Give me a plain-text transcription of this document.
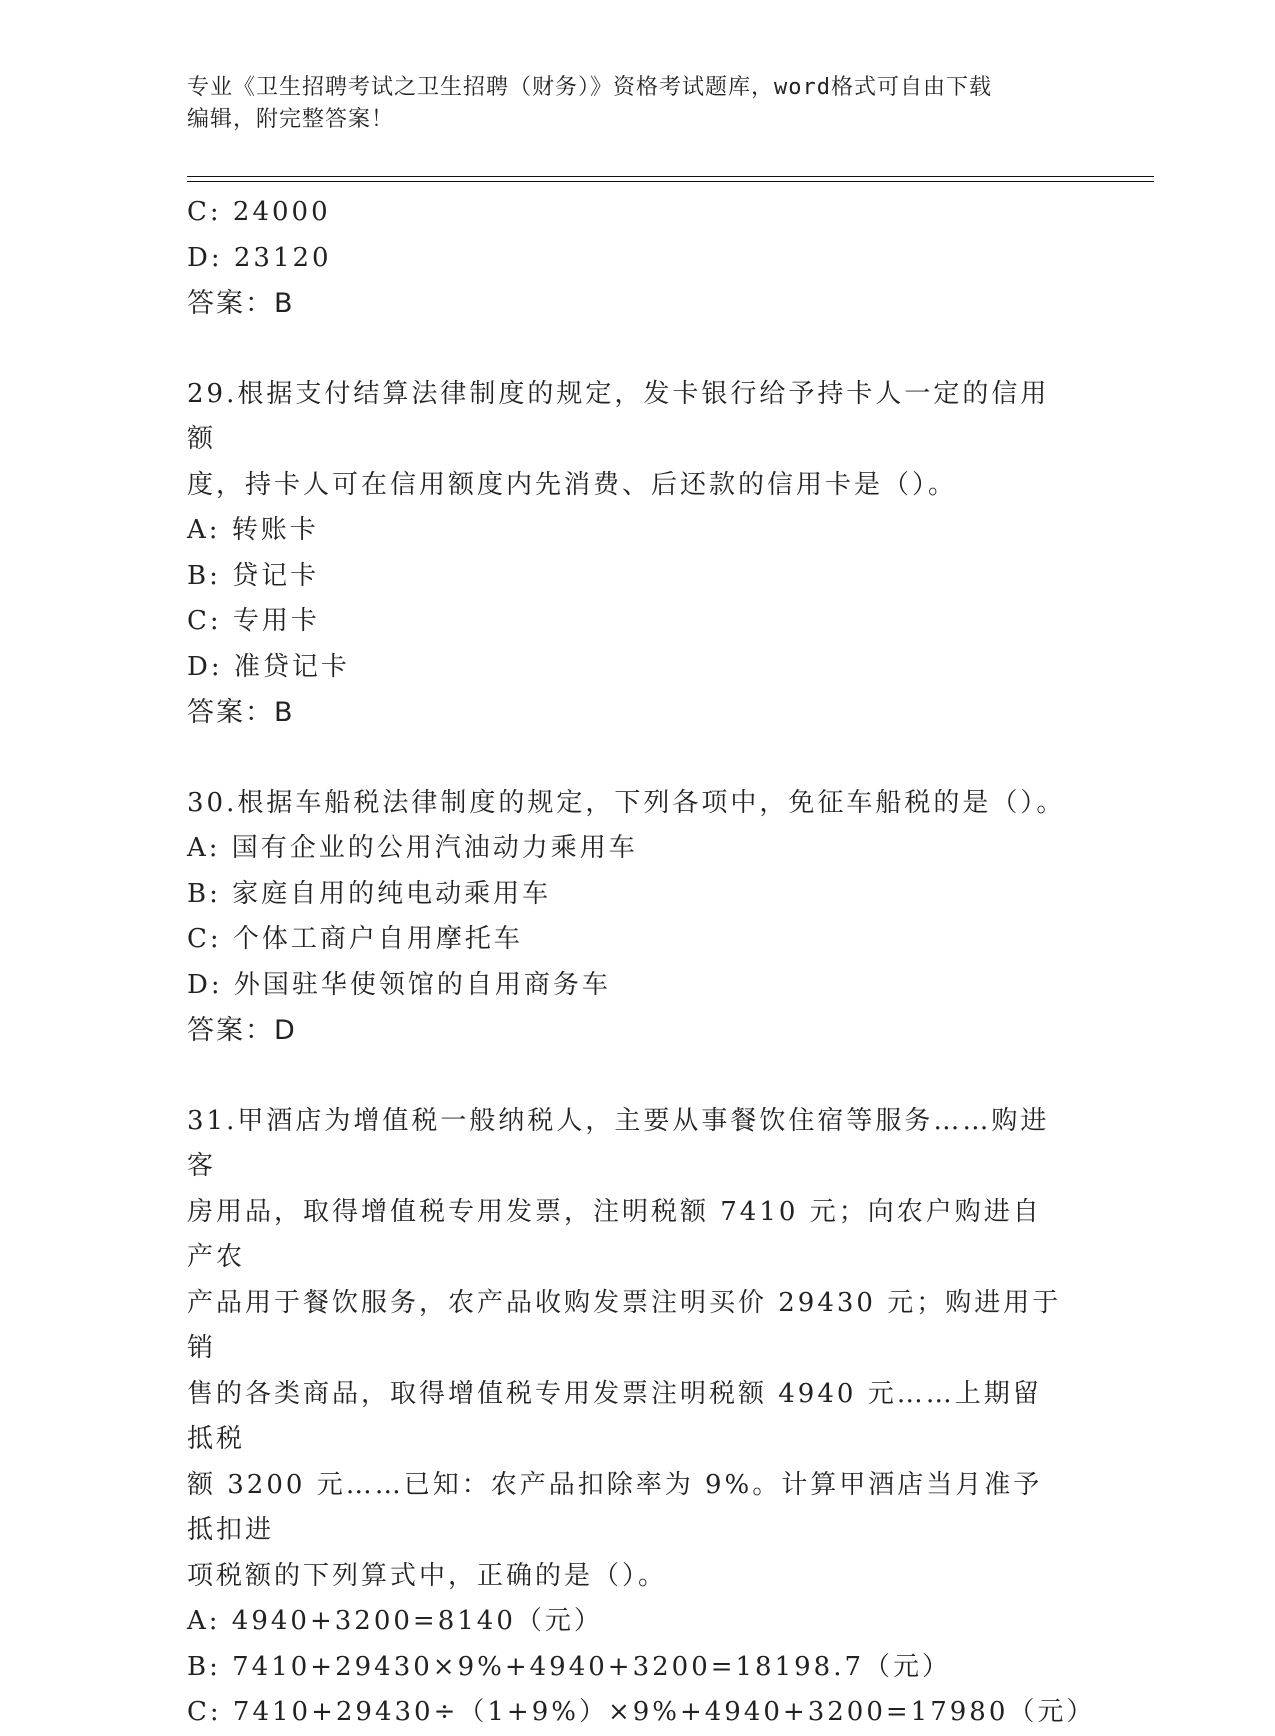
专业《卫生招聘考试之卫生招聘（财务）》资格考试题库，word格式可自由下载
编辑，附完整答案！

C: 24000

D: 23120

答案：B

29.根据支付结算法律制度的规定，发卡银行给予持卡人一定的信用额

度，持卡人可在信用额度内先消费、后还款的信用卡是（）。

A: 转账卡

B: 贷记卡

C: 专用卡

D: 准贷记卡

答案：B

30.根据车船税法律制度的规定，下列各项中，免征车船税的是（）。

A: 国有企业的公用汽油动力乘用车

B: 家庭自用的纯电动乘用车

C: 个体工商户自用摩托车

D: 外国驻华使领馆的自用商务车

答案：D

31.甲酒店为增值税一般纳税人，主要从事餐饮住宿等服务……购进客

房用品，取得增值税专用发票，注明税额 7410 元；向农户购进自产农

产品用于餐饮服务，农产品收购发票注明买价 29430 元；购进用于销

售的各类商品，取得增值税专用发票注明税额 4940 元……上期留抵税

额 3200 元……已知：农产品扣除率为 9%。计算甲酒店当月准予抵扣进

项税额的下列算式中，正确的是（）。

A: 4940+3200=8140（元）

B: 7410+29430×9%+4940+3200=18198.7（元）

C: 7410+29430÷（1+9%）×9%+4940+3200=17980（元）
